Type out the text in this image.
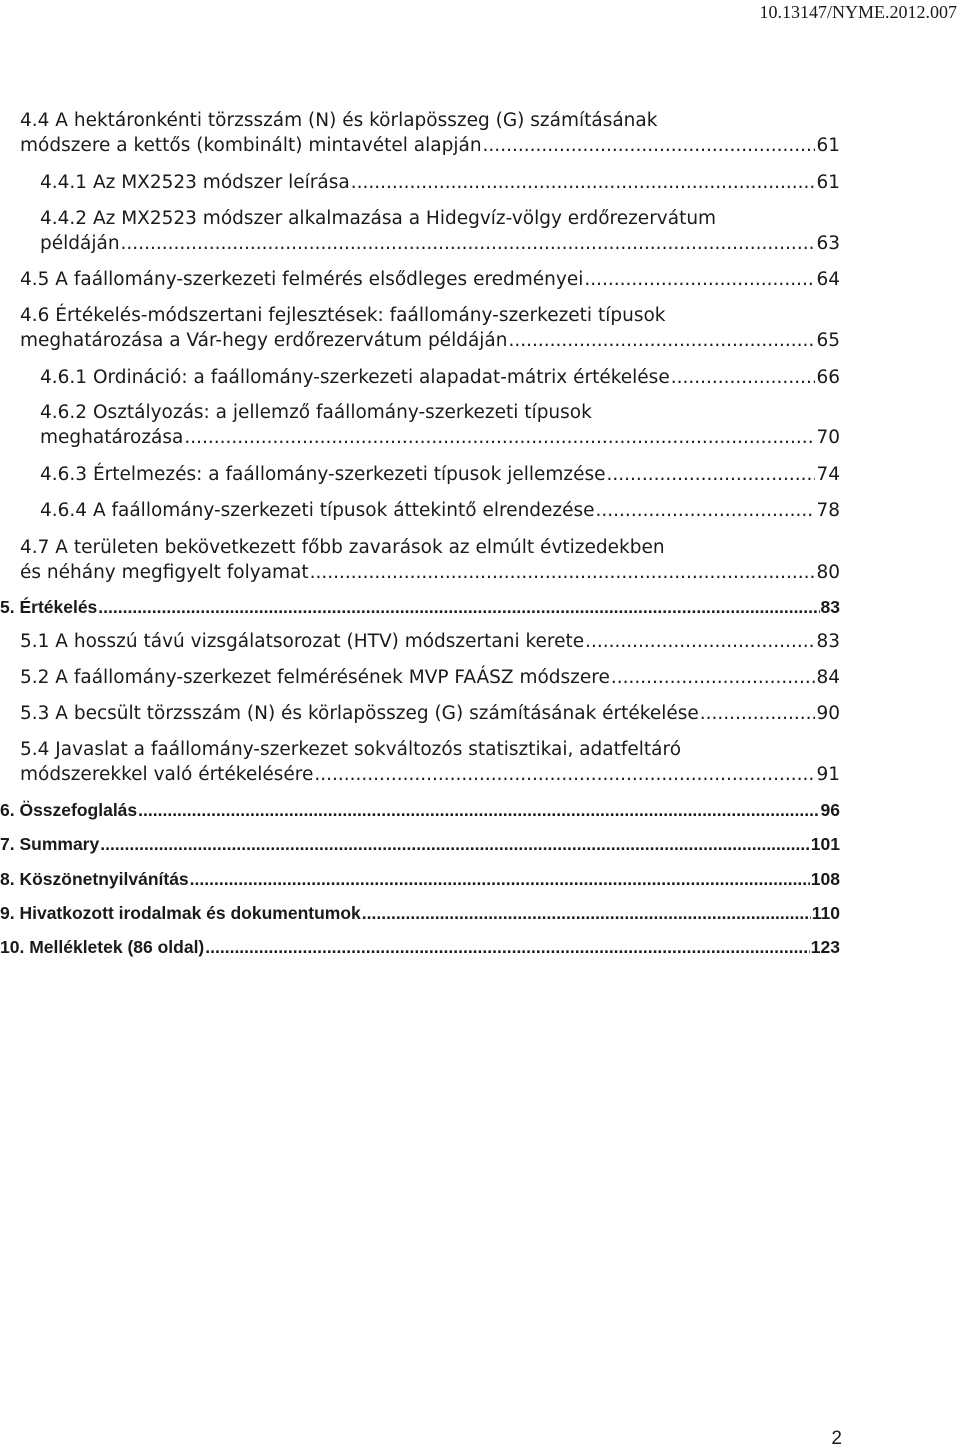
10.13147/NYME.2012.007
4.4 A hektáronkénti törzsszám (N) és körlapösszeg (G) számításának
módszere a kettős (kombinált) mintavétel alapján .....	61
4.4.1 Az MX2523 módszer leírása .....	61
4.4.2 Az MX2523 módszer alkalmazása a Hidegvíz-völgy erdőrezervátum
példáján .....	63
4.5 A faállomány-szerkezeti felmérés elsődleges eredményei .....	64
4.6 Értékelés-módszertani fejlesztések: faállomány-szerkezeti típusok
meghatározása a Vár-hegy erdőrezervátum példáján .....	65
4.6.1 Ordináció: a faállomány-szerkezeti alapadat-mátrix értékelése .....	66
4.6.2 Osztályozás: a jellemző faállomány-szerkezeti típusok
meghatározása .....	70
4.6.3 Értelmezés: a faállomány-szerkezeti típusok jellemzése .....	74
4.6.4 A faállomány-szerkezeti típusok áttekintő elrendezése .....	78
4.7 A területen bekövetkezett főbb zavarások az elmúlt évtizedekben
és néhány megfigyelt folyamat .....	80
5. Értékelés .....	83
5.1 A hosszú távú vizsgálatsorozat (HTV) módszertani kerete .....	83
5.2 A faállomány-szerkezet felmérésének MVP FAÁSZ módszere .....	84
5.3 A becsült törzsszám (N) és körlapösszeg (G) számításának értékelése .....	90
5.4 Javaslat a faállomány-szerkezet sokváltozós statisztikai, adatfeltáró
módszerekkel való értékelésére .....	91
6. Összefoglalás .....	96
7. Summary .....	101
8. Köszönetnyilvánítás .....	108
9. Hivatkozott irodalmak és dokumentumok .....	110
10. Mellékletek (86 oldal) .....	123
2
